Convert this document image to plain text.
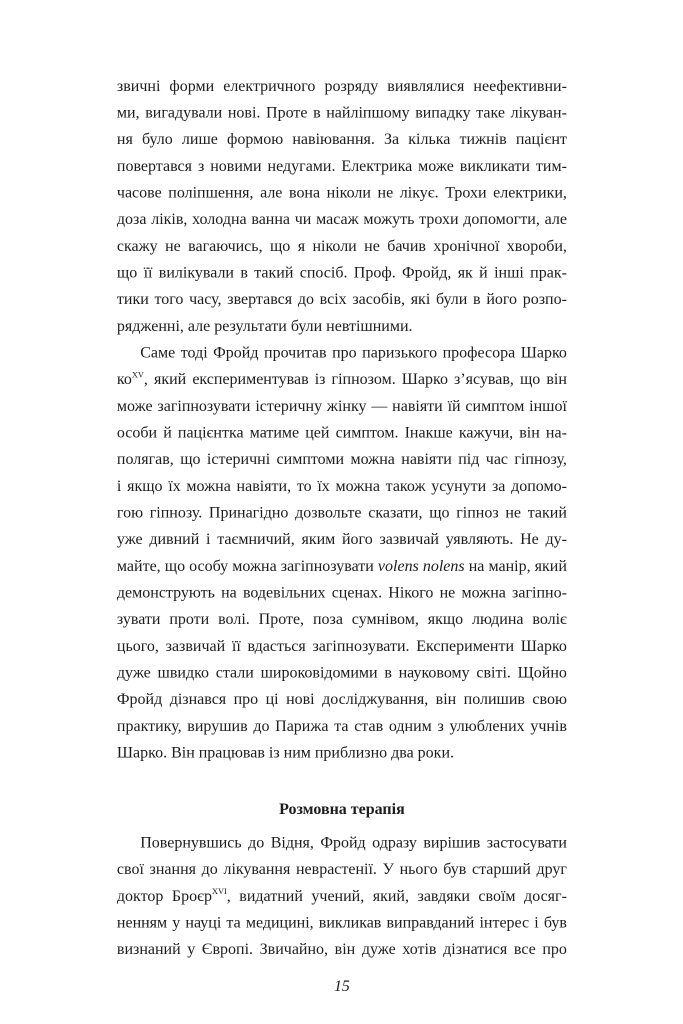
звичні форми електричного розряду виявлялися неефективни-
ми, вигадували нові. Проте в найліпшому випадку таке лікуван-
ня було лише формою навіювання. За кілька тижнів пацієнт
повертався з новими недугами. Електрика може викликати тим-
часове поліпшення, але вона ніколи не лікує. Трохи електрики,
доза ліків, холодна ванна чи масаж можуть трохи допомогти, але
скажу не вагаючись, що я ніколи не бачив хронічної хвороби,
що її вилікували в такий спосіб. Проф. Фройд, як й інші прак-
тики того часу, звертався до всіх засобів, які були в його розпо-
рядженні, але результати були невтішними.
Саме тоді Фройд прочитав про паризького професора Шарко
$ко^{XV}$, який експериментував із гіпнозом. Шарко з’ясував, що він
може загіпнозувати істеричну жінку — навіяти їй симптом іншої
особи й пацієнтка матиме цей симптом. Інакше кажучи, він на-
полягав, що істеричні симптоми можна навіяти під час гіпнозу,
і якщо їх можна навіяти, то їх можна також усунути за допомо-
гою гіпнозу. Принагідно дозвольте сказати, що гіпноз не такий
уже дивний і таємничий, яким його зазвичай уявляють. Не ду-
майте, що особу можна загіпнозувати volens nolens на манір, який
демонструють на водевільних сценах. Нікого не можна загіпно-
зувати проти волі. Проте, поза сумнівом, якщо людина воліє
цього, зазвичай її вдасться загіпнозувати. Експерименти Шарко
дуже швидко стали широковідомими в науковому світі. Щойно
Фройд дізнався про ці нові досліджування, він полишив свою
практику, вирушив до Парижа та став одним з улюблених учнів
Шарко. Він працював із ним приблизно два роки.
Розмовна терапія
Повернувшись до Відня, Фройд одразу вирішив застосувати
свої знання до лікування неврастенії. У нього був старший друг
доктор Броєр$^{XVI}$, видатний учений, який, завдяки своїм досяг-
ненням у науці та медицині, викликав виправданий інтерес і був
визнаний у Європі. Звичайно, він дуже хотів дізнатися все про
15
